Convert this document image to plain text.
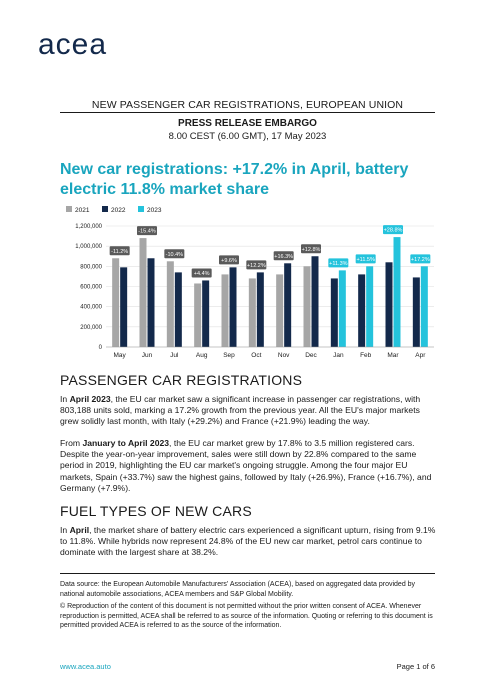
acea
NEW PASSENGER CAR REGISTRATIONS, EUROPEAN UNION
PRESS RELEASE EMBARGO
8.00 CEST (6.00 GMT), 17 May 2023
New car registrations: +17.2% in April, battery
electric 11.8% market share
2021	2022	2023
0
200,000
400,000
600,000
800,000
1,000,000
1,200,000
May
-11.2%
Jun
-15.4%
Jul
-10.4%
Aug
+4.4%
Sep
+9.6%
Oct
+12.2%
Nov
+16.3%
Dec
+12.8%
Jan
+11.3%
Feb
+11.5%
Mar
+28.8%
Apr
+17.2%
PASSENGER CAR REGISTRATIONS
In April 2023, the EU car market saw a significant increase in passenger car registrations, with 803,188 units sold, marking a 17.2% growth from the previous year. All the EU's major markets grew solidly last month, with Italy (+29.2%) and France (+21.9%) leading the way.
From January to April 2023, the EU car market grew by 17.8% to 3.5 million registered cars. Despite the year-on-year improvement, sales were still down by 22.8% compared to the same period in 2019, highlighting the EU car market's ongoing struggle. Among the four major EU markets, Spain (+33.7%) saw the highest gains, followed by Italy (+26.9%), France (+16.7%), and Germany (+7.9%).
FUEL TYPES OF NEW CARS
In April, the market share of battery electric cars experienced a significant upturn, rising from 9.1% to 11.8%. While hybrids now represent 24.8% of the EU new car market, petrol cars continue to dominate with the largest share at 38.2%.
Data source: the European Automobile Manufacturers' Association (ACEA), based on aggregated data provided by national automobile associations, ACEA members and S&P Global Mobility.
© Reproduction of the content of this document is not permitted without the prior written consent of ACEA. Whenever reproduction is permitted, ACEA shall be referred to as source of the information. Quoting or referring to this document is permitted provided ACEA is referred to as the source of the information.
www.acea.auto	Page 1 of 6
